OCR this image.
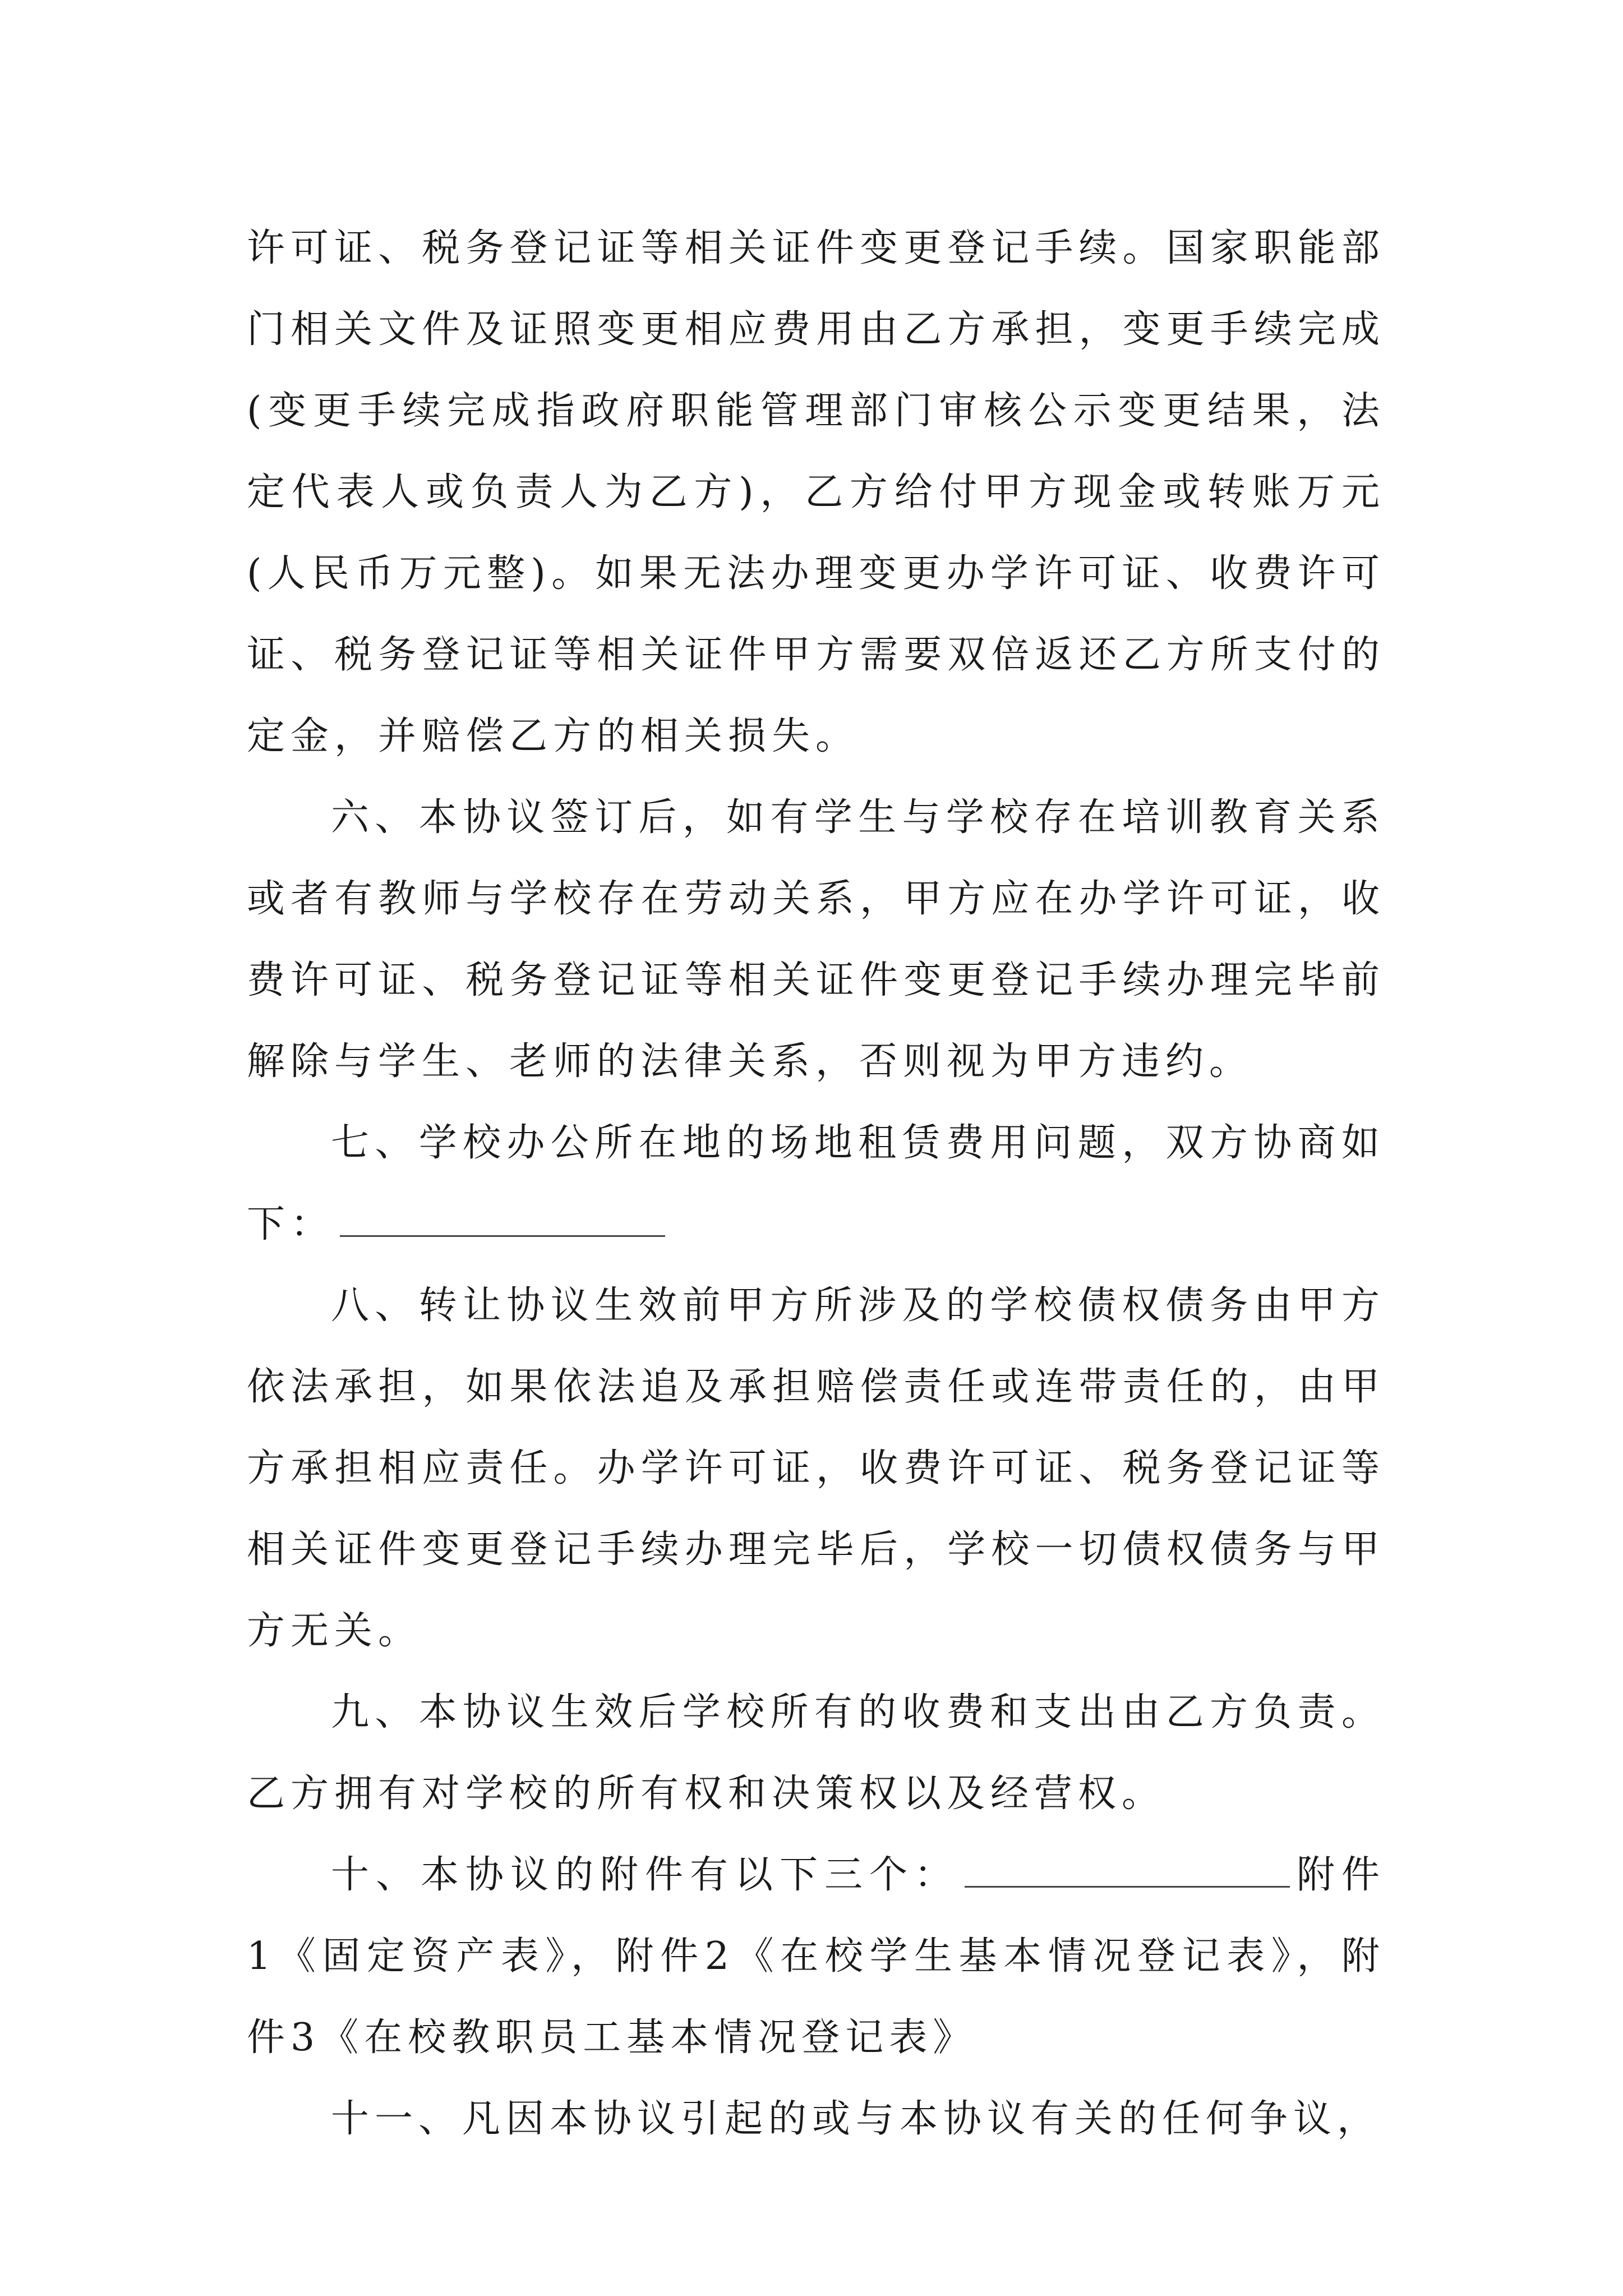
许可证、税务登记证等相关证件变更登记手续。国家职能部门相关文件及证照变更相应费用由乙方承担，变更手续完成(变更手续完成指政府职能管理部门审核公示变更结果，法定代表人或负责人为乙方)，乙方给付甲方现金或转账万元(人民币万元整)。如果无法办理变更办学许可证、收费许可证、税务登记证等相关证件甲方需要双倍返还乙方所支付的定金，并赔偿乙方的相关损失。

六、本协议签订后，如有学生与学校存在培训教育关系或者有教师与学校存在劳动关系，甲方应在办学许可证，收费许可证、税务登记证等相关证件变更登记手续办理完毕前解除与学生、老师的法律关系，否则视为甲方违约。

七、学校办公所在地的场地租赁费用问题，双方协商如下：

八、转让协议生效前甲方所涉及的学校债权债务由甲方依法承担，如果依法追及承担赔偿责任或连带责任的，由甲方承担相应责任。办学许可证，收费许可证、税务登记证等相关证件变更登记手续办理完毕后，学校一切债权债务与甲方无关。

九、本协议生效后学校所有的收费和支出由乙方负责。乙方拥有对学校的所有权和决策权以及经营权。

十、本协议的附件有以下三个：	附件1《固定资产表》，附件2《在校学生基本情况登记表》，附件3《在校教职员工基本情况登记表》

十一、凡因本协议引起的或与本协议有关的任何争议，
